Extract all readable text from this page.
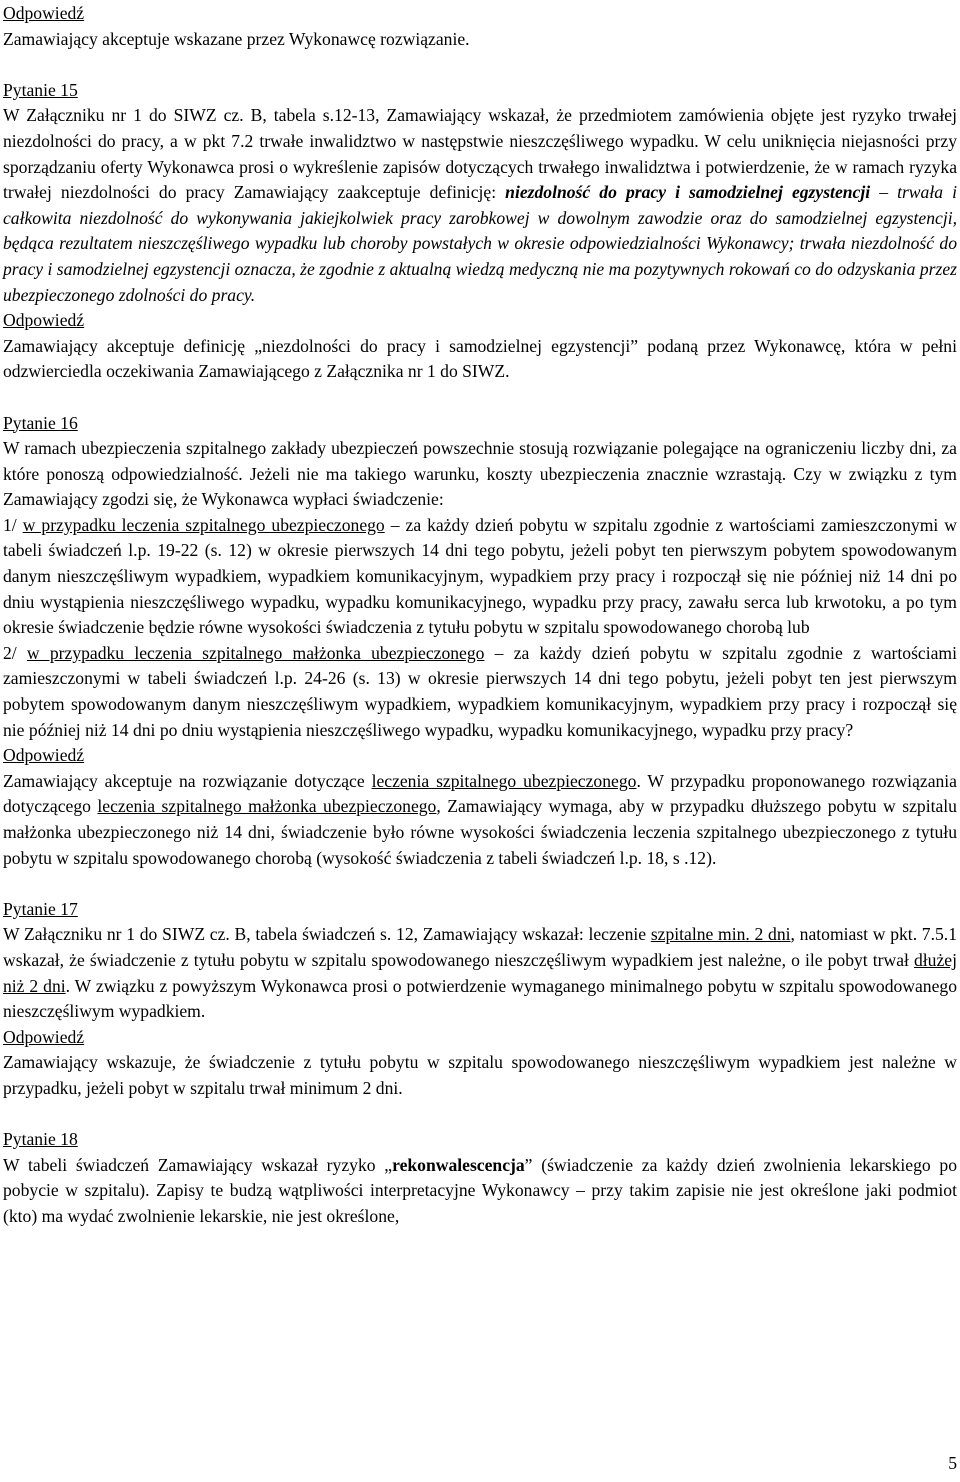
Odpowiedź

Zamawiający akceptuje wskazane przez Wykonawcę rozwiązanie.

Pytanie 15

W Załączniku nr 1 do SIWZ cz. B, tabela s.12-13, Zamawiający wskazał, że przedmiotem zamówienia objęte jest ryzyko trwałej niezdolności do pracy, a w pkt 7.2 trwałe inwalidztwo w następstwie nieszczęśliwego wypadku. W celu uniknięcia niejasności przy sporządzaniu oferty Wykonawca prosi o wykreślenie zapisów dotyczących trwałego inwalidztwa i potwierdzenie, że w ramach ryzyka trwałej niezdolności do pracy Zamawiający zaakceptuje definicję: niezdolność do pracy i samodzielnej egzystencji – trwała i całkowita niezdolność do wykonywania jakiejkolwiek pracy zarobkowej w dowolnym zawodzie oraz do samodzielnej egzystencji, będąca rezultatem nieszczęśliwego wypadku lub choroby powstałych w okresie odpowiedzialności Wykonawcy; trwała niezdolność do pracy i samodzielnej egzystencji oznacza, że zgodnie z aktualną wiedzą medyczną nie ma pozytywnych rokowań co do odzyskania przez ubezpieczonego zdolności do pracy.

Odpowiedź

Zamawiający akceptuje definicję „niezdolności do pracy i samodzielnej egzystencji” podaną przez Wykonawcę, która w pełni odzwierciedla oczekiwania Zamawiającego z Załącznika nr 1 do SIWZ.

Pytanie 16

W ramach ubezpieczenia szpitalnego zakłady ubezpieczeń powszechnie stosują rozwiązanie polegające na ograniczeniu liczby dni, za które ponoszą odpowiedzialność. Jeżeli nie ma takiego warunku, koszty ubezpieczenia znacznie wzrastają. Czy w związku z tym Zamawiający zgodzi się, że Wykonawca wypłaci świadczenie:

1/ w przypadku leczenia szpitalnego ubezpieczonego – za każdy dzień pobytu w szpitalu zgodnie z wartościami zamieszczonymi w tabeli świadczeń l.p. 19-22 (s. 12) w okresie pierwszych 14 dni tego pobytu, jeżeli pobyt ten pierwszym pobytem spowodowanym danym nieszczęśliwym wypadkiem, wypadkiem komunikacyjnym, wypadkiem przy pracy i rozpoczął się nie później niż 14 dni po dniu wystąpienia nieszczęśliwego wypadku, wypadku komunikacyjnego, wypadku przy pracy, zawału serca lub krwotoku, a po tym okresie świadczenie będzie równe wysokości świadczenia z tytułu pobytu w szpitalu spowodowanego chorobą lub

2/ w przypadku leczenia szpitalnego małżonka ubezpieczonego – za każdy dzień pobytu w szpitalu zgodnie z wartościami zamieszczonymi w tabeli świadczeń l.p. 24-26 (s. 13) w okresie pierwszych 14 dni tego pobytu, jeżeli pobyt ten jest pierwszym pobytem spowodowanym danym nieszczęśliwym wypadkiem, wypadkiem komunikacyjnym, wypadkiem przy pracy i rozpoczął się nie później niż 14 dni po dniu wystąpienia nieszczęśliwego wypadku, wypadku komunikacyjnego, wypadku przy pracy?

Odpowiedź

Zamawiający akceptuje na rozwiązanie dotyczące leczenia szpitalnego ubezpieczonego. W przypadku proponowanego rozwiązania dotyczącego leczenia szpitalnego małżonka ubezpieczonego, Zamawiający wymaga, aby w przypadku dłuższego pobytu w szpitalu małżonka ubezpieczonego niż 14 dni, świadczenie było równe wysokości świadczenia leczenia szpitalnego ubezpieczonego z tytułu pobytu w szpitalu spowodowanego chorobą (wysokość świadczenia z tabeli świadczeń l.p. 18, s .12).

Pytanie 17

W Załączniku nr 1 do SIWZ cz. B, tabela świadczeń s. 12, Zamawiający wskazał: leczenie szpitalne min. 2 dni, natomiast w pkt. 7.5.1 wskazał, że świadczenie z tytułu pobytu w szpitalu spowodowanego nieszczęśliwym wypadkiem jest należne, o ile pobyt trwał dłużej niż 2 dni. W związku z powyższym Wykonawca prosi o potwierdzenie wymaganego minimalnego pobytu w szpitalu spowodowanego nieszczęśliwym wypadkiem.

Odpowiedź

Zamawiający wskazuje, że świadczenie z tytułu pobytu w szpitalu spowodowanego nieszczęśliwym wypadkiem jest należne w przypadku, jeżeli pobyt w szpitalu trwał minimum 2 dni.

Pytanie 18

W tabeli świadczeń Zamawiający wskazał ryzyko „rekonwalescencja” (świadczenie za każdy dzień zwolnienia lekarskiego po pobycie w szpitalu). Zapisy te budzą wątpliwości interpretacyjne Wykonawcy – przy takim zapisie nie jest określone jaki podmiot (kto) ma wydać zwolnienie lekarskie, nie jest określone,

5
